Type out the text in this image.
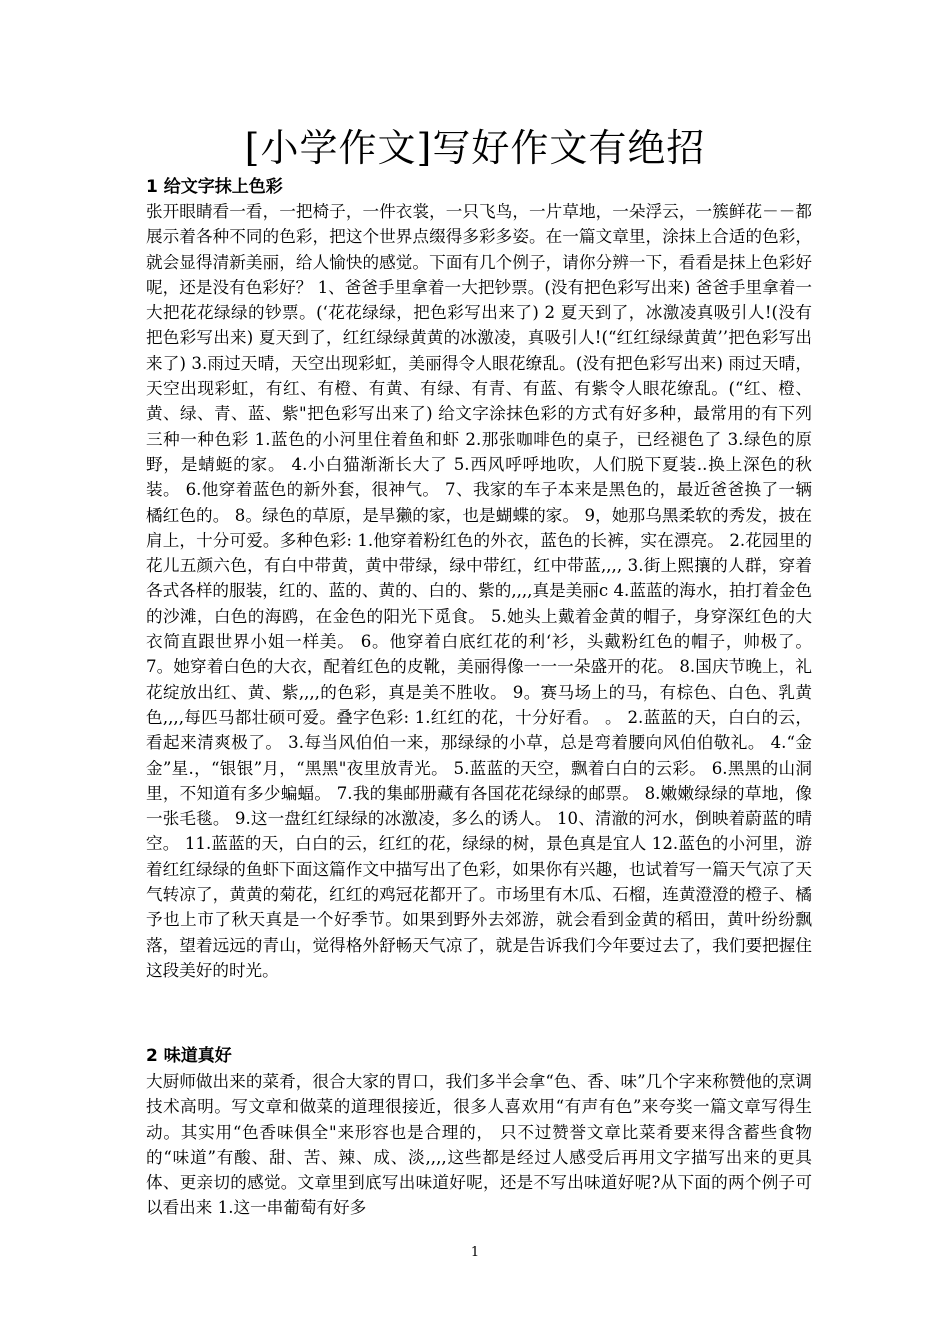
[小学作文]写好作文有绝招
1 给文字抹上色彩

张开眼睛看一看，一把椅子，一件衣裳，一只飞鸟，一片草地，一朵浮云，一簇鲜花－－都展示着各种不同的色彩，把这个世界点缀得多彩多姿。在一篇文章里，涂抹上合适的色彩，就会显得清新美丽，给人愉快的感觉。下面有几个例子，请你分辨一下，看看是抹上色彩好呢，还是没有色彩好？ 1、爸爸手里拿着一大把钞票。(没有把色彩写出来) 爸爸手里拿着一大把花花绿绿的钞票。(‘花花绿绿，把色彩写出来了) 2 夏天到了，冰激凌真吸引人!(没有把色彩写出来) 夏天到了，红红绿绿黄黄的冰激凌，真吸引人!(“红红绿绿黄黄’’把色彩写出来了) 3.雨过天晴，天空出现彩虹，美丽得令人眼花缭乱。(没有把色彩写出来) 雨过天晴，天空出现彩虹，有红、有橙、有黄、有绿、有青、有蓝、有紫令人眼花缭乱。(“红、橙、黄、绿、青、蓝、紫"把色彩写出来了) 给文字涂抹色彩的方式有好多种，最常用的有下列三种一种色彩 1.蓝色的小河里住着鱼和虾 2.那张咖啡色的桌子，已经褪色了 3.绿色的原野，是蜻蜓的家。 4.小白猫渐渐长大了 5.西风呼呼地吹，人们脱下夏装..换上深色的秋装。 6.他穿着蓝色的新外套，很神气。 7、我家的车子本来是黑色的，最近爸爸换了一辆橘红色的。 8。绿色的草原，是旱獭的家，也是蝴蝶的家。 9，她那乌黑柔软的秀发，披在肩上，十分可爱。多种色彩: 1.他穿着粉红色的外衣，蓝色的长裤，实在漂亮。 2.花园里的花儿五颜六色，有白中带黄，黄中带绿，绿中带红，红中带蓝,,,, 3.街上熙攘的人群，穿着各式各样的服装，红的、蓝的、黄的、白的、紫的,,,,真是美丽c 4.蓝蓝的海水，拍打着金色的沙滩，白色的海鸥，在金色的阳光下觅食。 5.她头上戴着金黄的帽子，身穿深红色的大衣简直跟世界小姐一样美。 6。他穿着白底红花的利‘衫，头戴粉红色的帽子，帅极了。 7。她穿着白色的大衣，配着红色的皮靴，美丽得像一一一朵盛开的花。 8.国庆节晚上，礼花绽放出红、黄、紫,,,,的色彩，真是美不胜收。 9。赛马场上的马，有棕色、白色、乳黄色,,,,每匹马都壮硕可爱。叠字色彩: 1.红红的花，十分好看。 。 2.蓝蓝的天，白白的云，看起来清爽极了。 3.每当风伯伯一来，那绿绿的小草，总是弯着腰向风伯伯敬礼。 4.“金金”星.，“银银”月，“黑黑"夜里放青光。 5.蓝蓝的天空，飘着白白的云彩。 6.黑黑的山洞里，不知道有多少蝙蝠。 7.我的集邮册藏有各国花花绿绿的邮票。 8.嫩嫩绿绿的草地，像一张毛毯。 9.这一盘红红绿绿的冰激凌，多么的诱人。 10、清澈的河水，倒映着蔚蓝的晴空。 11.蓝蓝的天，白白的云，红红的花，绿绿的树，景色真是宜人 12.蓝色的小河里，游着红红绿绿的鱼虾下面这篇作文中描写出了色彩，如果你有兴趣，也试着写一篇天气凉了天气转凉了，黄黄的菊花，红红的鸡冠花都开了。市场里有木瓜、石榴，连黄澄澄的橙子、橘予也上市了秋天真是一个好季节。如果到野外去郊游，就会看到金黄的稻田，黄叶纷纷飘落，望着远远的青山，觉得格外舒畅天气凉了，就是告诉我们今年要过去了，我们要把握住这段美好的时光。

2 味道真好

大厨师做出来的菜肴，很合大家的胃口，我们多半会拿“色、香、味”几个字来称赞他的烹调技术高明。写文章和做菜的道理很接近，很多人喜欢用“有声有色”来夸奖一篇文章写得生动。其实用“色香味俱全"来形容也是合理的， 只不过赞誉文章比菜肴要来得含蓄些食物的“味道”有酸、甜、苦、辣、成、淡,,,,这些都是经过人感受后再用文字描写出来的更具体、更亲切的感觉。文章里到底写出味道好呢，还是不写出味道好呢?从下面的两个例子可以看出来 1.这一串葡萄有好多

1
